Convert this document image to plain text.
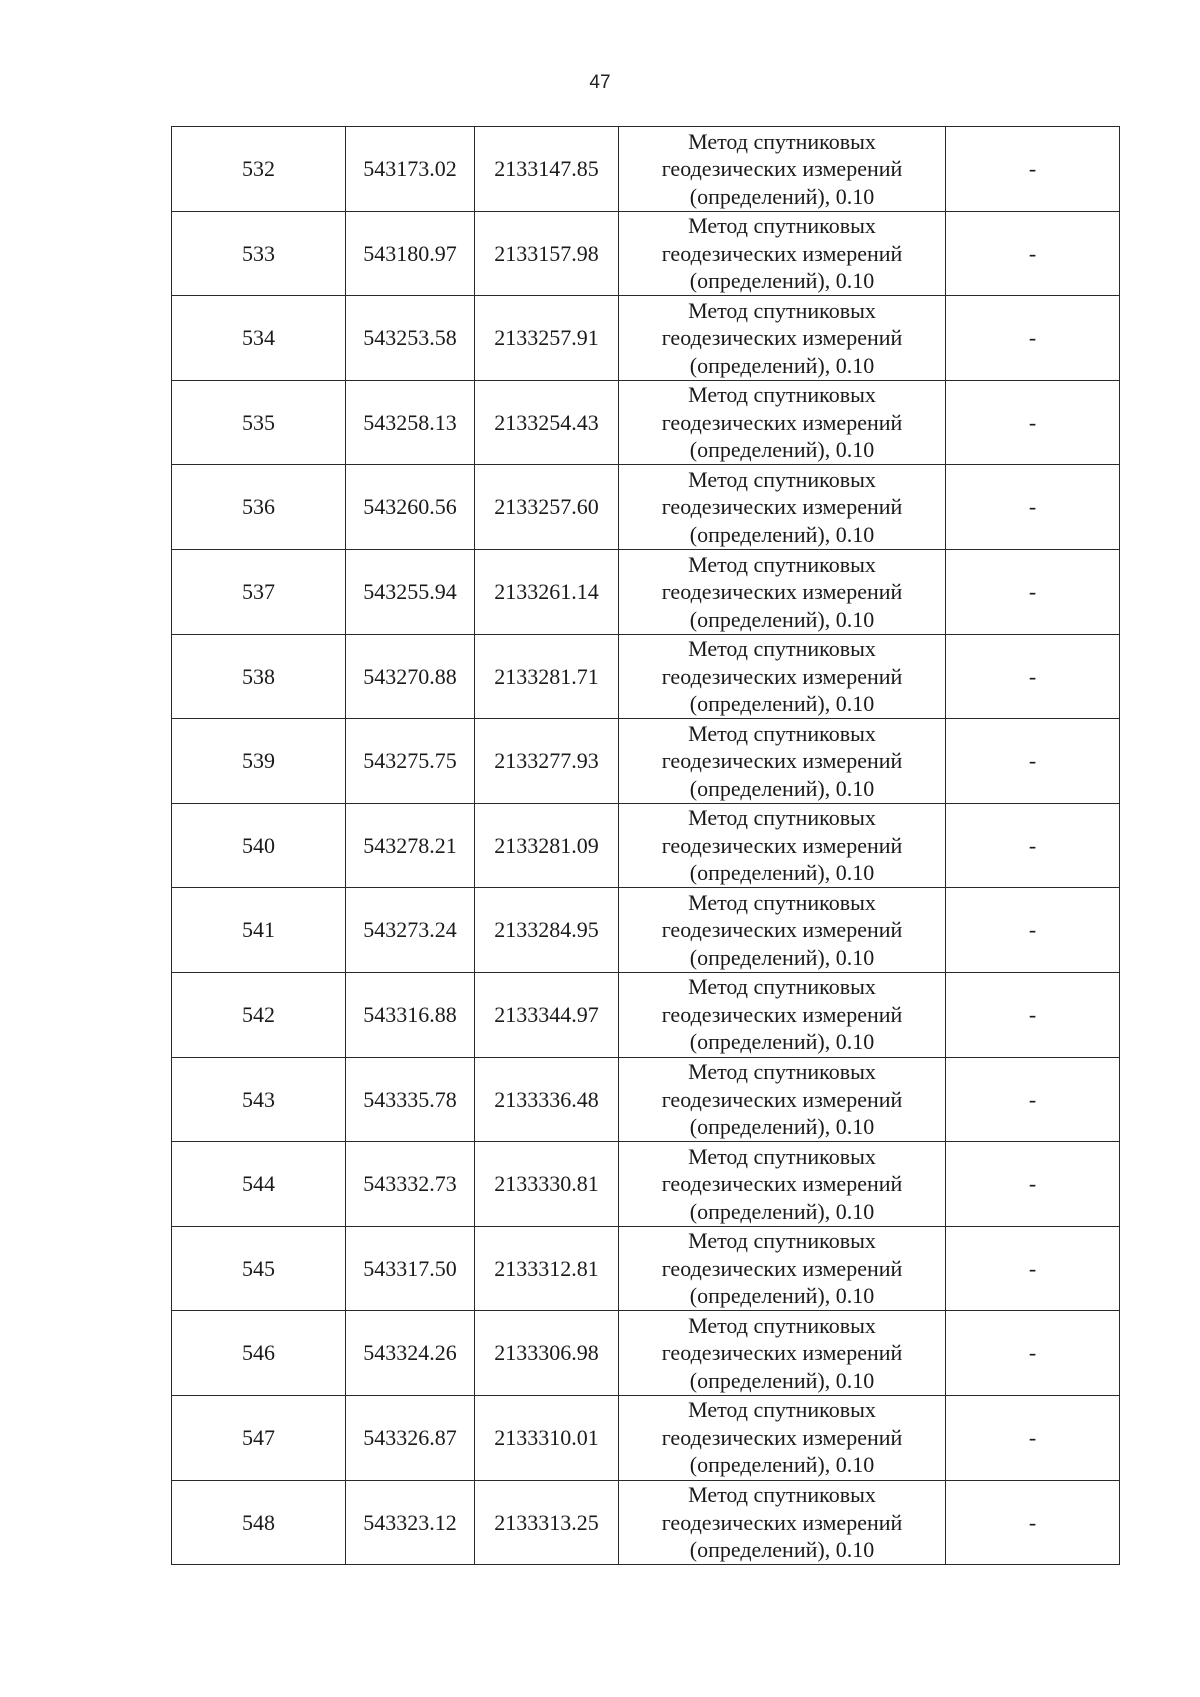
47
532	543173.02	2133147.85	Метод спутниковых
геодезических измерений
(определений), 0.10	-
533	543180.97	2133157.98	Метод спутниковых
геодезических измерений
(определений), 0.10	-
534	543253.58	2133257.91	Метод спутниковых
геодезических измерений
(определений), 0.10	-
535	543258.13	2133254.43	Метод спутниковых
геодезических измерений
(определений), 0.10	-
536	543260.56	2133257.60	Метод спутниковых
геодезических измерений
(определений), 0.10	-
537	543255.94	2133261.14	Метод спутниковых
геодезических измерений
(определений), 0.10	-
538	543270.88	2133281.71	Метод спутниковых
геодезических измерений
(определений), 0.10	-
539	543275.75	2133277.93	Метод спутниковых
геодезических измерений
(определений), 0.10	-
540	543278.21	2133281.09	Метод спутниковых
геодезических измерений
(определений), 0.10	-
541	543273.24	2133284.95	Метод спутниковых
геодезических измерений
(определений), 0.10	-
542	543316.88	2133344.97	Метод спутниковых
геодезических измерений
(определений), 0.10	-
543	543335.78	2133336.48	Метод спутниковых
геодезических измерений
(определений), 0.10	-
544	543332.73	2133330.81	Метод спутниковых
геодезических измерений
(определений), 0.10	-
545	543317.50	2133312.81	Метод спутниковых
геодезических измерений
(определений), 0.10	-
546	543324.26	2133306.98	Метод спутниковых
геодезических измерений
(определений), 0.10	-
547	543326.87	2133310.01	Метод спутниковых
геодезических измерений
(определений), 0.10	-
548	543323.12	2133313.25	Метод спутниковых
геодезических измерений
(определений), 0.10	-
